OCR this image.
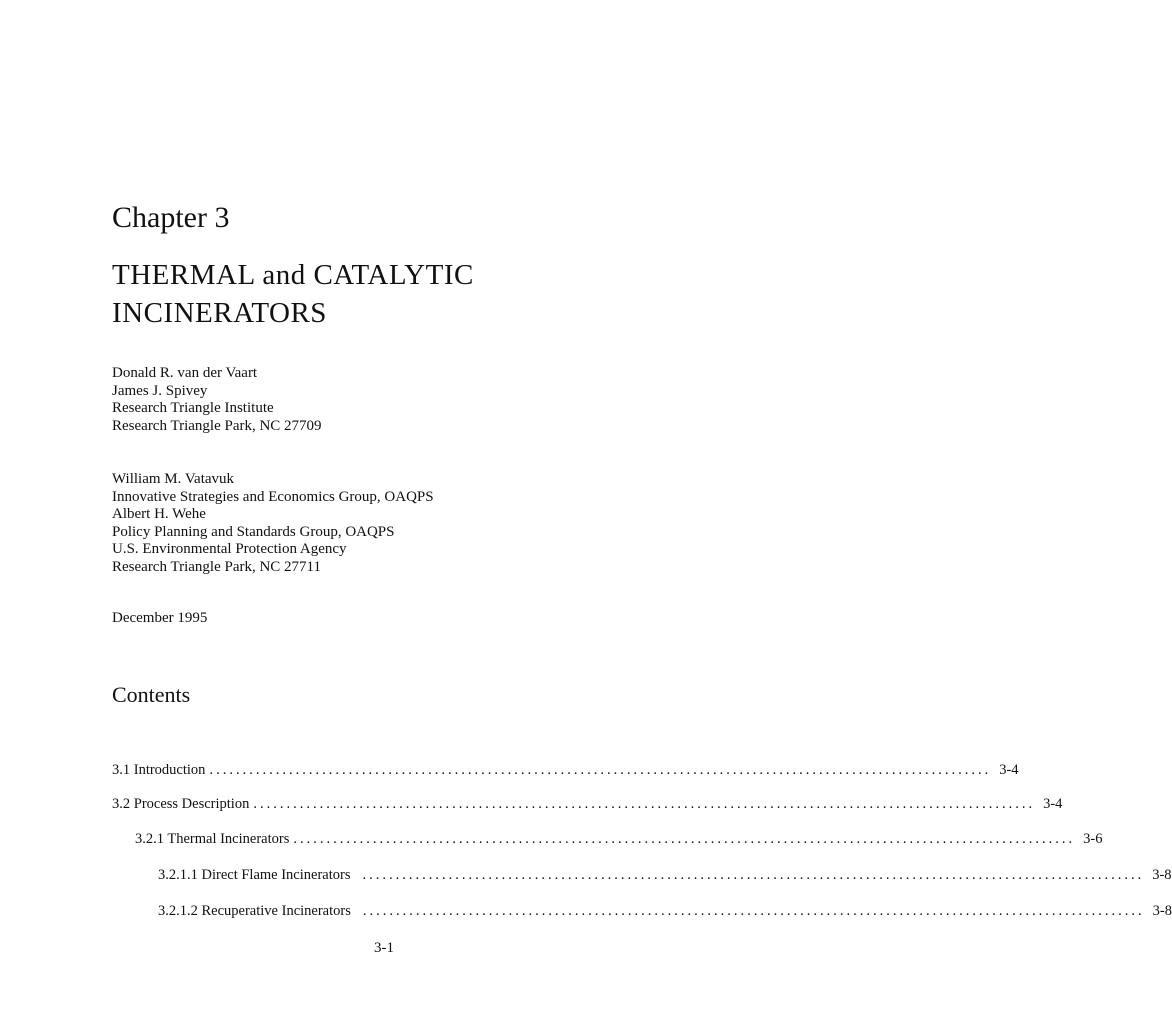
Chapter 3
THERMAL and CATALYTIC
INCINERATORS
Donald R. van der Vaart
James J. Spivey
Research Triangle Institute
Research Triangle Park, NC 27709
William M. Vatavuk
Innovative Strategies and Economics Group, OAQPS
Albert H. Wehe
Policy Planning and Standards Group, OAQPS
U.S. Environmental Protection Agency
Research Triangle Park, NC 27711
December 1995
Contents
3.1 Introduction ...................................................................................................................... 3-4
3.2 Process Description ...................................................................................................................... 3-4
3.2.1 Thermal Incinerators ...................................................................................................................... 3-6
3.2.1.1 Direct Flame Incinerators ...................................................................................................................... 3-8
3.2.1.2 Recuperative Incinerators ...................................................................................................................... 3-8
3-1
